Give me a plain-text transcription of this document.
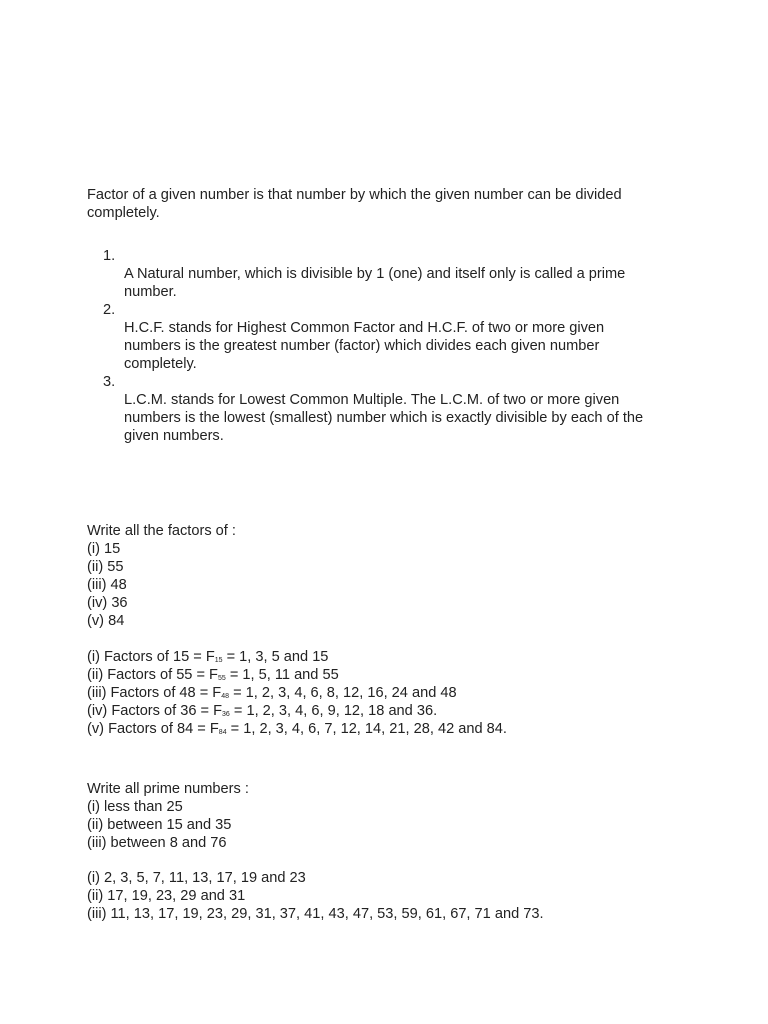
Factor of a given number is that number by which the given number can be divided completely.
1.
A Natural number, which is divisible by 1 (one) and itself only is called a prime number.
2.
H.C.F. stands for Highest Common Factor and H.C.F. of two or more given numbers is the greatest number (factor) which divides each given number completely.
3.
L.C.M. stands for Lowest Common Multiple. The L.C.M. of two or more given numbers is the lowest (smallest) number which is exactly divisible by each of the given numbers.
Write all the factors of :
(i) 15
(ii) 55
(iii) 48
(iv) 36
(v) 84
(i) Factors of $15 = F_{15} = 1$, 3, 5 and 15
(ii) Factors of $55 = F_{55} = 1$, 5, 11 and 55
(iii) Factors of $48 = F_{48} = 1$, 2, 3, 4, 6, 8, 12, 16, 24 and 48
(iv) Factors of $36 = F_{36} = 1$, 2, 3, 4, 6, 9, 12, 18 and 36.
(v) Factors of $84 = F_{84} = 1$, 2, 3, 4, 6, 7, 12, 14, 21, 28, 42 and 84.
Write all prime numbers :
(i) less than 25
(ii) between 15 and 35
(iii) between 8 and 76
(i) 2, 3, 5, 7, 11, 13, 17, 19 and 23
(ii) 17, 19, 23, 29 and 31
(iii) 11, 13, 17, 19, 23, 29, 31, 37, 41, 43, 47, 53, 59, 61, 67, 71 and 73.
